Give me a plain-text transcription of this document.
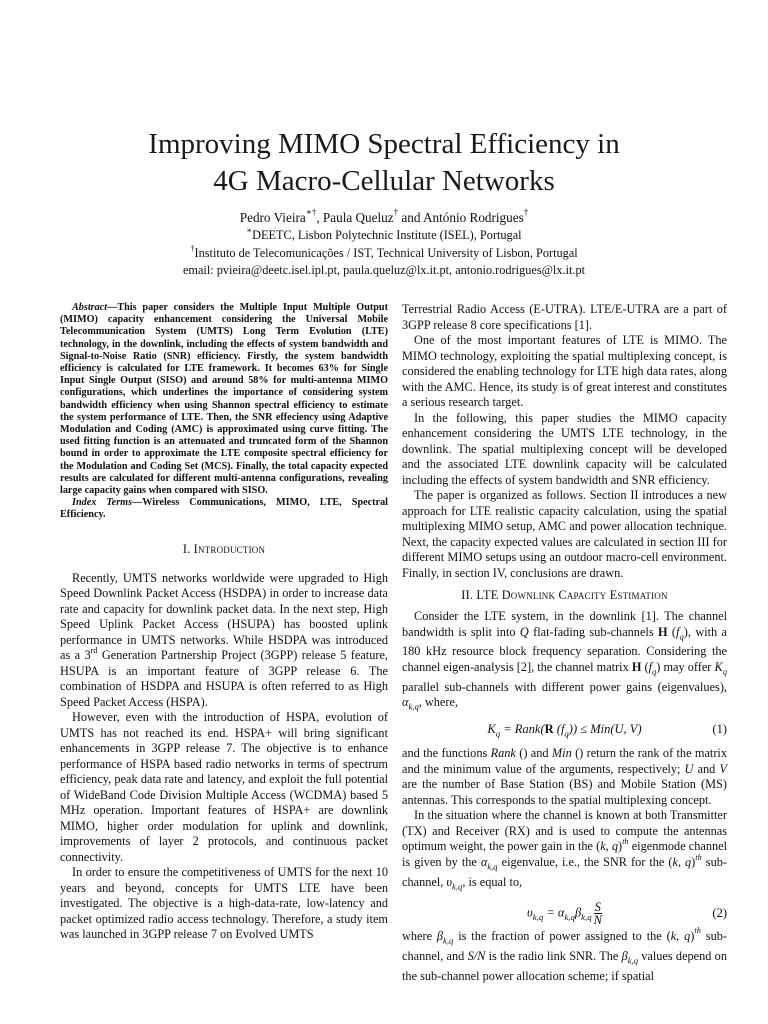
Improving MIMO Spectral Efficiency in
4G Macro-Cellular Networks
Pedro Vieira∗†, Paula Queluz† and António Rodrigues†
∗DEETC, Lisbon Polytechnic Institute (ISEL), Portugal
†Instituto de Telecomunicações / IST, Technical University of Lisbon, Portugal
email: pvieira@deetc.isel.ipl.pt, paula.queluz@lx.it.pt, antonio.rodrigues@lx.it.pt
Abstract—This paper considers the Multiple Input Multiple Output (MIMO) capacity enhancement considering the Universal Mobile Telecommunication System (UMTS) Long Term Evolution (LTE) technology, in the downlink, including the effects of system bandwidth and Signal-to-Noise Ratio (SNR) efficiency. Firstly, the system bandwidth efficiency is calculated for LTE framework. It becomes 63% for Single Input Single Output (SISO) and around 58% for multi-antenna MIMO configurations, which underlines the importance of considering system bandwidth efficiency when using Shannon spectral efficiency to estimate the system performance of LTE. Then, the SNR effeciency using Adaptive Modulation and Coding (AMC) is approximated using curve fitting. The used fitting function is an attenuated and truncated form of the Shannon bound in order to approximate the LTE composite spectral efficiency for the Modulation and Coding Set (MCS). Finally, the total capacity expected results are calculated for different multi-antenna configurations, revealing large capacity gains when compared with SISO.

Index Terms—Wireless Communications, MIMO, LTE, Spectral Efficiency.

I. Introduction

Recently, UMTS networks worldwide were upgraded to High Speed Downlink Packet Access (HSDPA) in order to increase data rate and capacity for downlink packet data. In the next step, High Speed Uplink Packet Access (HSUPA) has boosted uplink performance in UMTS networks. While HSDPA was introduced as a 3rd Generation Partnership Project (3GPP) release 5 feature, HSUPA is an important feature of 3GPP release 6. The combination of HSDPA and HSUPA is often referred to as High Speed Packet Access (HSPA).

However, even with the introduction of HSPA, evolution of UMTS has not reached its end. HSPA+ will bring significant enhancements in 3GPP release 7. The objective is to enhance performance of HSPA based radio networks in terms of spectrum efficiency, peak data rate and latency, and exploit the full potential of WideBand Code Division Multiple Access (WCDMA) based 5 MHz operation. Important features of HSPA+ are downlink MIMO, higher order modulation for uplink and downlink, improvements of layer 2 protocols, and continuous packet connectivity.

In order to ensure the competitiveness of UMTS for the next 10 years and beyond, concepts for UMTS LTE have been investigated. The objective is a high-data-rate, low-latency and packet optimized radio access technology. Therefore, a study item was launched in 3GPP release 7 on Evolved UMTS

Terrestrial Radio Access (E-UTRA). LTE/E-UTRA are a part of 3GPP release 8 core specifications [1].

One of the most important features of LTE is MIMO. The MIMO technology, exploiting the spatial multiplexing concept, is considered the enabling technology for LTE high data rates, along with the AMC. Hence, its study is of great interest and constitutes a serious research target.

In the following, this paper studies the MIMO capacity enhancement considering the UMTS LTE technology, in the downlink. The spatial multiplexing concept will be developed and the associated LTE downlink capacity will be calculated including the effects of system bandwidth and SNR efficiency.

The paper is organized as follows. Section II introduces a new approach for LTE realistic capacity calculation, using the spatial multiplexing MIMO setup, AMC and power allocation technique. Next, the capacity expected values are calculated in section III for different MIMO setups using an outdoor macro-cell environment. Finally, in section IV, conclusions are drawn.

II. LTE Downlink Capacity Estimation

Consider the LTE system, in the downlink [1]. The channel bandwidth is split into Q flat-fading sub-channels H $(f_q)$, with a 180 kHz resource block frequency separation. Considering the channel eigen-analysis [2], the channel matrix H $(f_q)$ may offer $K_q$ parallel sub-channels with different power gains (eigenvalues), $\alpha_{k,q}$, where,

$K_q$ = Rank(R $(f_q)) \le Min(U$, V)	(1)

and the functions Rank () and Min () return the rank of the matrix and the minimum value of the arguments, respectively; U and V are the number of Base Station (BS) and Mobile Station (MS) antennas. This corresponds to the spatial multiplexing concept.

In the situation where the channel is known at both Transmitter (TX) and Receiver (RX) and is used to compute the antennas optimum weight, the power gain in the (k, q)$^{th}$ eigenmode channel is given by the $\alpha_{k,q}$ eigenvalue, i.e., the SNR for the (k, q)$^{th}$ sub-channel, $\upsilon_{k,q}$, is equal to,

$\upsilon_{k,q} = \alpha_{k,q}\beta_{k,q} \frac{S}{N}$	(2)

where $\beta_{k,q}$ is the fraction of power assigned to the (k, q)$^{th}$ sub-channel, and S/N is the radio link SNR. The $\beta_{k,q}$ values depend on the sub-channel power allocation scheme; if spatial
